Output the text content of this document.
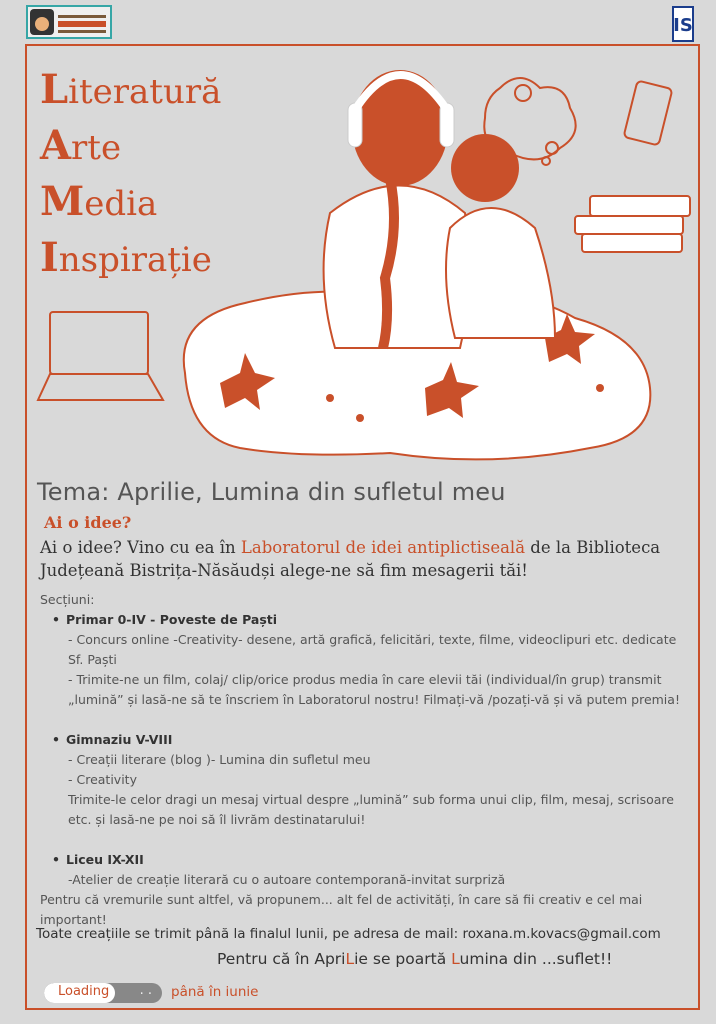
IS
Literatură
Arte
Media
Inspirație
Tema: Aprilie, Lumina din sufletul meu
Ai o idee?
Ai o idee? Vino cu ea în Laboratorul de idei antiplictiseală de la Biblioteca Județeană Bistrița-Năsăudși alege-ne să fim mesagerii tăi!
Secțiuni:
• Primar 0-IV - Poveste de Paști
- Concurs online -Creativity- desene, artă grafică, felicitări, texte, filme, videoclipuri etc. dedicate Sf. Paști
- Trimite-ne un film, colaj/ clip/orice produs media în care elevii tăi (individual/în grup) transmit „lumină” și lasă-ne să te înscriem în Laboratorul nostru! Filmați-vă /pozați-vă și vă putem premia!
• Gimnaziu V-VIII
- Creații literare (blog )- Lumina din sufletul meu
- Creativity
Trimite-le celor dragi un mesaj virtual despre „lumină” sub forma unui clip, film, mesaj, scrisoare etc. și lasă-ne pe noi să îl livrăm destinatarului!
• Liceu IX-XII
-Atelier de creație literară cu o autoare contemporană-invitat surpriză
Pentru că vremurile sunt altfel, vă propunem... alt fel de activități, în care să fii creativ e cel mai important!
Toate creațiile se trimit până la finalul lunii, pe adresa de mail: roxana.m.kovacs@gmail.com
Pentru că în ApriLie se poartă Lumina din ...suflet!!
Loading . . până în iunie
